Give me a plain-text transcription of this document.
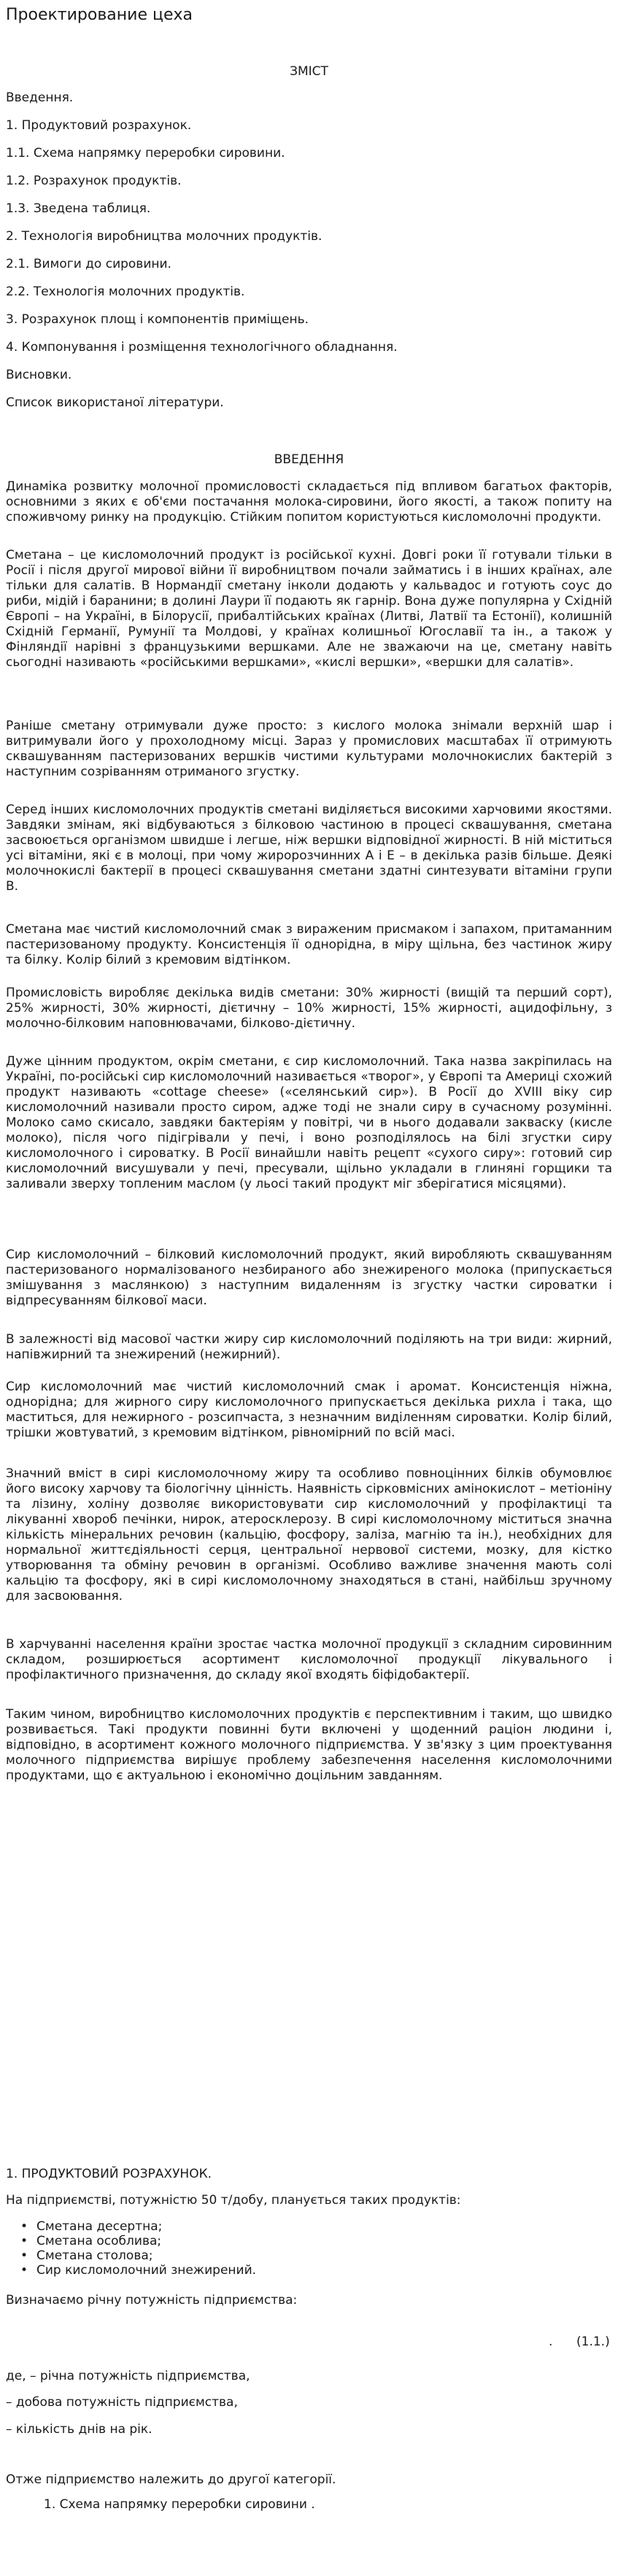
Проектирование цеха
ЗМІСТ
Введення.
1. Продуктовий розрахунок.
1.1. Схема напрямку переробки сировини.
1.2. Розрахунок продуктів.
1.3. Зведена таблиця.
2. Технологія виробництва молочних продуктів.
2.1. Вимоги до сировини.
2.2. Технологія молочних продуктів.
3. Розрахунок площ і компонентів приміщень.
4. Компонування і розміщення технологічного обладнання.
Висновки.
Список використаної літератури.
ВВЕДЕННЯ

Динаміка розвитку молочної промисловості складається під впливом багатьох факторів, основними з яких є об'єми постачання молока-сировини, його якості, а також попиту на споживчому ринку на продукцію. Стійким попитом користуються кисломолочні продукти.

Сметана – це кисломолочний продукт із російської кухні. Довгі роки її готували тільки в Росії і після другої мирової війни її виробництвом почали займатись і в інших країнах, але тільки для салатів. В Нормандії сметану інколи додають у кальвадос и готують соус до риби, мідій і баранини; в долині Лаури її подають як гарнір. Вона дуже популярна у Східній Європі – на Україні, в Білорусії, прибалтійських країнах (Литві, Латвії та Естонії), колишній Східній Германії, Румунії та Молдові, у країнах колишньої Югославії та ін., а також у Фінляндії нарівні з французькими вершками. Але не зважаючи на це, сметану навіть сьогодні називають «російськими вершками», «кислі вершки», «вершки для салатів».

Раніше сметану отримували дуже просто: з кислого молока знімали верхній шар і витримували його у прохолодному місці. Зараз у промислових масштабах її отримують сквашуванням пастеризованих вершків чистими культурами молочнокислих бактерій з наступним созріванням отриманого згустку.

Серед інших кисломолочних продуктів сметані виділяється високими харчовими якостями. Завдяки змінам, які відбуваються з білковою частиною в процесі сквашування, сметана засвоюється організмом швидше і легше, ніж вершки відповідної жирності. В ній міститься усі вітаміни, які є в молоці, при чому жиророзчинних А і Е – в декілька разів більше. Деякі молочнокислі бактерії в процесі сквашування сметани здатні синтезувати вітаміни групи В.

Сметана має чистий кисломолочний смак з вираженим присмаком і запахом, притаманним пастеризованому продукту. Консистенція її однорідна, в міру щільна, без частинок жиру та білку. Колір білий з кремовим відтінком.

Промисловість виробляє декілька видів сметани: 30% жирності (вищій та перший сорт), 25% жирності, 30% жирності, дієтичну – 10% жирності, 15% жирності, ацидофільну, з молочно-білковим наповнювачами, білково-дієтичну.

Дуже цінним продуктом, окрім сметани, є сир кисломолочний. Така назва закріпилась на Україні, по-російські сир кисломолочний називається «творог», у Європі та Америці схожий продукт називають «cottage cheese» («селянський сир»). В Росії до XVIII віку сир кисломолочний називали просто сиром, адже тоді не знали сиру в сучасному розумінні. Молоко само скисало, завдяки бактеріям у повітрі, чи в нього додавали закваску (кисле молоко), після чого підігрівали у печі, і воно розподілялось на білі згустки сиру кисломолочного і сироватку. В Росії винайшли навіть рецепт «сухого сиру»: готовий сир кисломолочний висушували у печі, пресували, щільно укладали в глиняні горщики та заливали зверху топленим маслом (у льосі такий продукт міг зберігатися місяцями).

Сир кисломолочний – білковий кисломолочний продукт, який виробляють сквашуванням пастеризованого нормалізованого незбираного або знежиреного молока (припускається змішування з маслянкою) з наступним видаленням із згустку частки сироватки і відпресуванням білкової маси.

В залежності від масової частки жиру сир кисломолочний поділяють на три види: жирний, напівжирний та знежирений (нежирний).

Сир кисломолочний має чистий кисломолочний смак і аромат. Консистенція ніжна, однорідна; для жирного сиру кисломолочного припускається декілька рихла і така, що маститься, для нежирного - розсипчаста, з незначним виділенням сироватки. Колір білий, трішки жовтуватий, з кремовим відтінком, рівномірний по всій масі.

Значний вміст в сирі кисломолочному жиру та особливо повноцінних білків обумовлює його високу харчову та біологічну цінність. Наявність сірковмісних амінокислот – метіоніну та лізину, холіну дозволяє використовувати сир кисломолочний у профілактиці та лікуванні хвороб печінки, нирок, атеросклерозу. В сирі кисломолочному міститься значна кількість мінеральних речовин (кальцію, фосфору, заліза, магнію та ін.), необхідних для нормальної життєдіяльності серця, центральної нервової системи, мозку, для кісткo утворювання та обміну речовин в організмі. Особливо важливе значення мають солі кальцію та фосфору, які в сирі кисломолочному знаходяться в стані, найбільш зручному для засвоювання.

В харчуванні населення країни зростає частка молочної продукції з складним сировинним складом, розширюється асортимент кисломолочної продукції лікувального і профілактичного призначення, до складу якої входять біфідобактерії.

Таким чином, виробництво кисломолочних продуктів є перспективним і таким, що швидко розвивається. Такі продукти повинні бути включені у щоденний раціон людини і, відповідно, в асортимент кожного молочного підприємства. У зв'язку з цим проектування молочного підприємства вирішує проблему забезпечення населення кисломолочними продуктами, що є актуальною і економічно доцільним завданням.

1. ПРОДУКТОВИЙ РОЗРАХУНОК.
На підприємстві, потужністю 50 т/добу, планується таких продуктів:
• Сметана десертна;
• Сметана особлива;
• Сметана столова;
• Сир кисломолочний знежирений.
Визначаємо річну потужність підприємства:
. (1.1.)
де, – річна потужність підприємства,
– добова потужність підприємства,
– кількість днів на рік.
Отже підприємство належить до другої категорії.
1. Схема напрямку переробки сировини .
